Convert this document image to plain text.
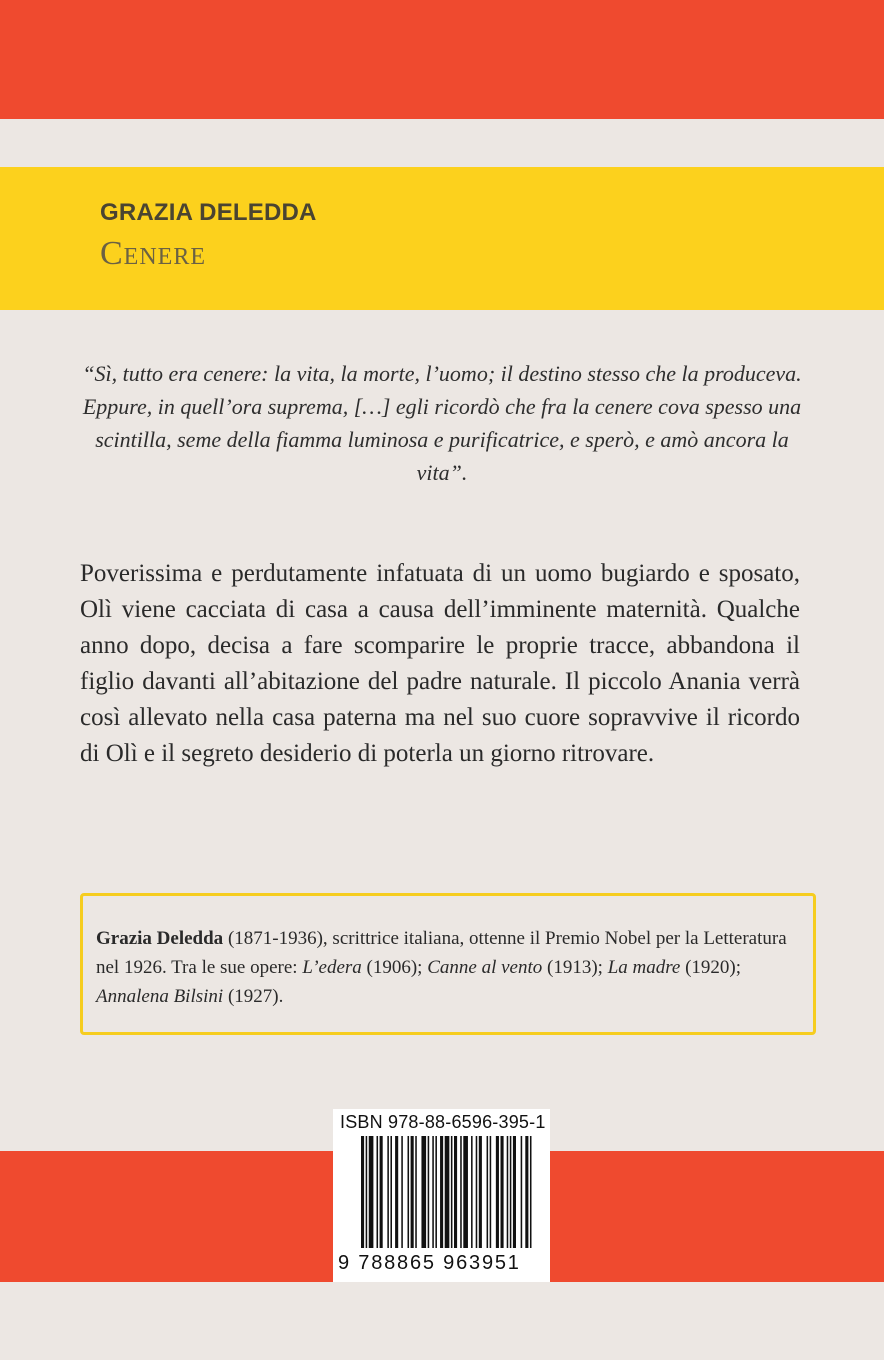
GRAZIA DELEDDA
Cenere
“Sì, tutto era cenere: la vita, la morte, l’uomo; il destino stesso che la produceva. Eppure, in quell’ora suprema, […] egli ricordò che fra la cenere cova spesso una scintilla, seme della fiamma luminosa e purificatrice, e sperò, e amò ancora la vita”.
Poverissima e perdutamente infatuata di un uomo bugiardo e sposato, Olì viene cacciata di casa a causa dell’imminente maternità. Qualche anno dopo, decisa a fare scomparire le proprie tracce, abbandona il figlio davanti all’abitazione del padre naturale. Il piccolo Anania verrà così allevato nella casa paterna ma nel suo cuore sopravvive il ricordo di Olì e il segreto desiderio di poterla un giorno ritrovare.
Grazia Deledda (1871-1936), scrittrice italiana, ottenne il Premio Nobel per la Letteratura nel 1926. Tra le sue opere: L’edera (1906); Canne al vento (1913); La madre (1920); Annalena Bilsini (1927).
ISBN 978-88-6596-395-1
9 788865 963951
